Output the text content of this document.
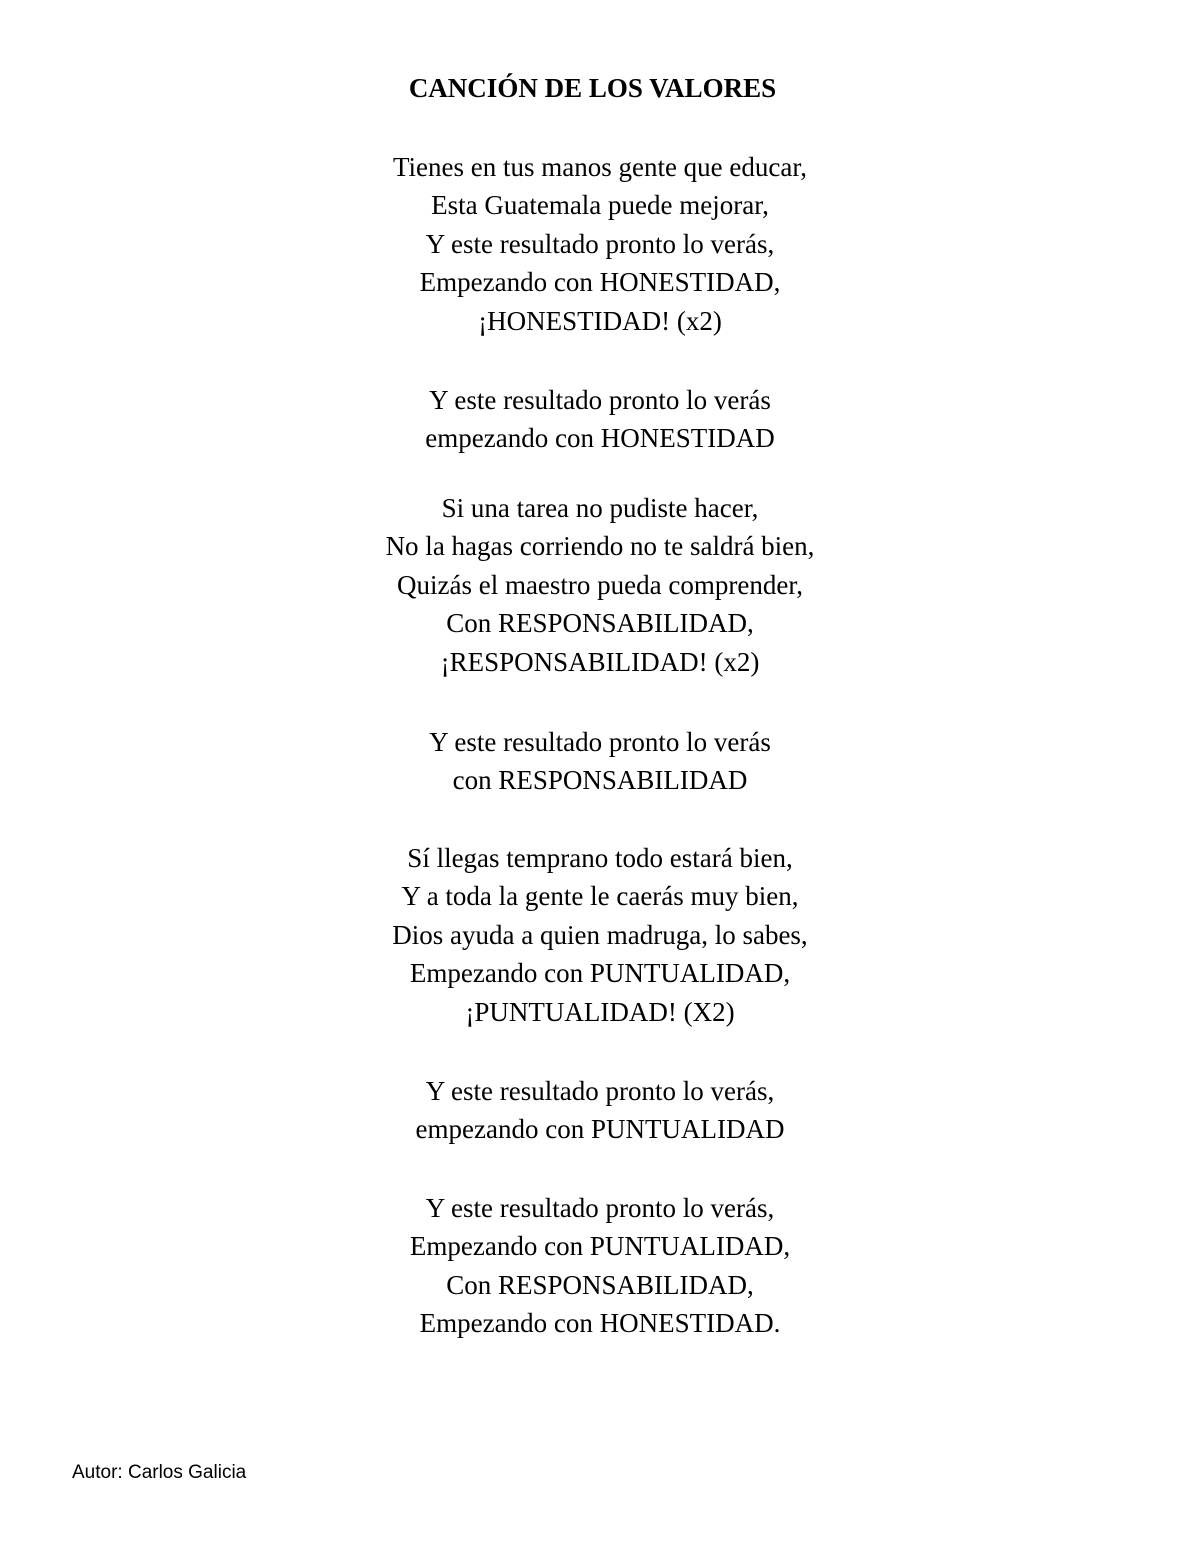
CANCIÓN DE LOS VALORES
Tienes en tus manos gente que educar,
Esta Guatemala puede mejorar,
Y este resultado pronto lo verás,
Empezando con HONESTIDAD,
¡HONESTIDAD! (x2)
Y este resultado pronto lo verás
empezando con HONESTIDAD
Si una tarea no pudiste hacer,
No la hagas corriendo no te saldrá bien,
Quizás el maestro pueda comprender,
Con RESPONSABILIDAD,
¡RESPONSABILIDAD! (x2)
Y este resultado pronto lo verás
con RESPONSABILIDAD
Sí llegas temprano todo estará bien,
Y a toda la gente le caerás muy bien,
Dios ayuda a quien madruga, lo sabes,
Empezando con PUNTUALIDAD,
¡PUNTUALIDAD! (X2)
Y este resultado pronto lo verás,
empezando con PUNTUALIDAD
Y este resultado pronto lo verás,
Empezando con PUNTUALIDAD,
Con RESPONSABILIDAD,
Empezando con HONESTIDAD.
Autor: Carlos Galicia
